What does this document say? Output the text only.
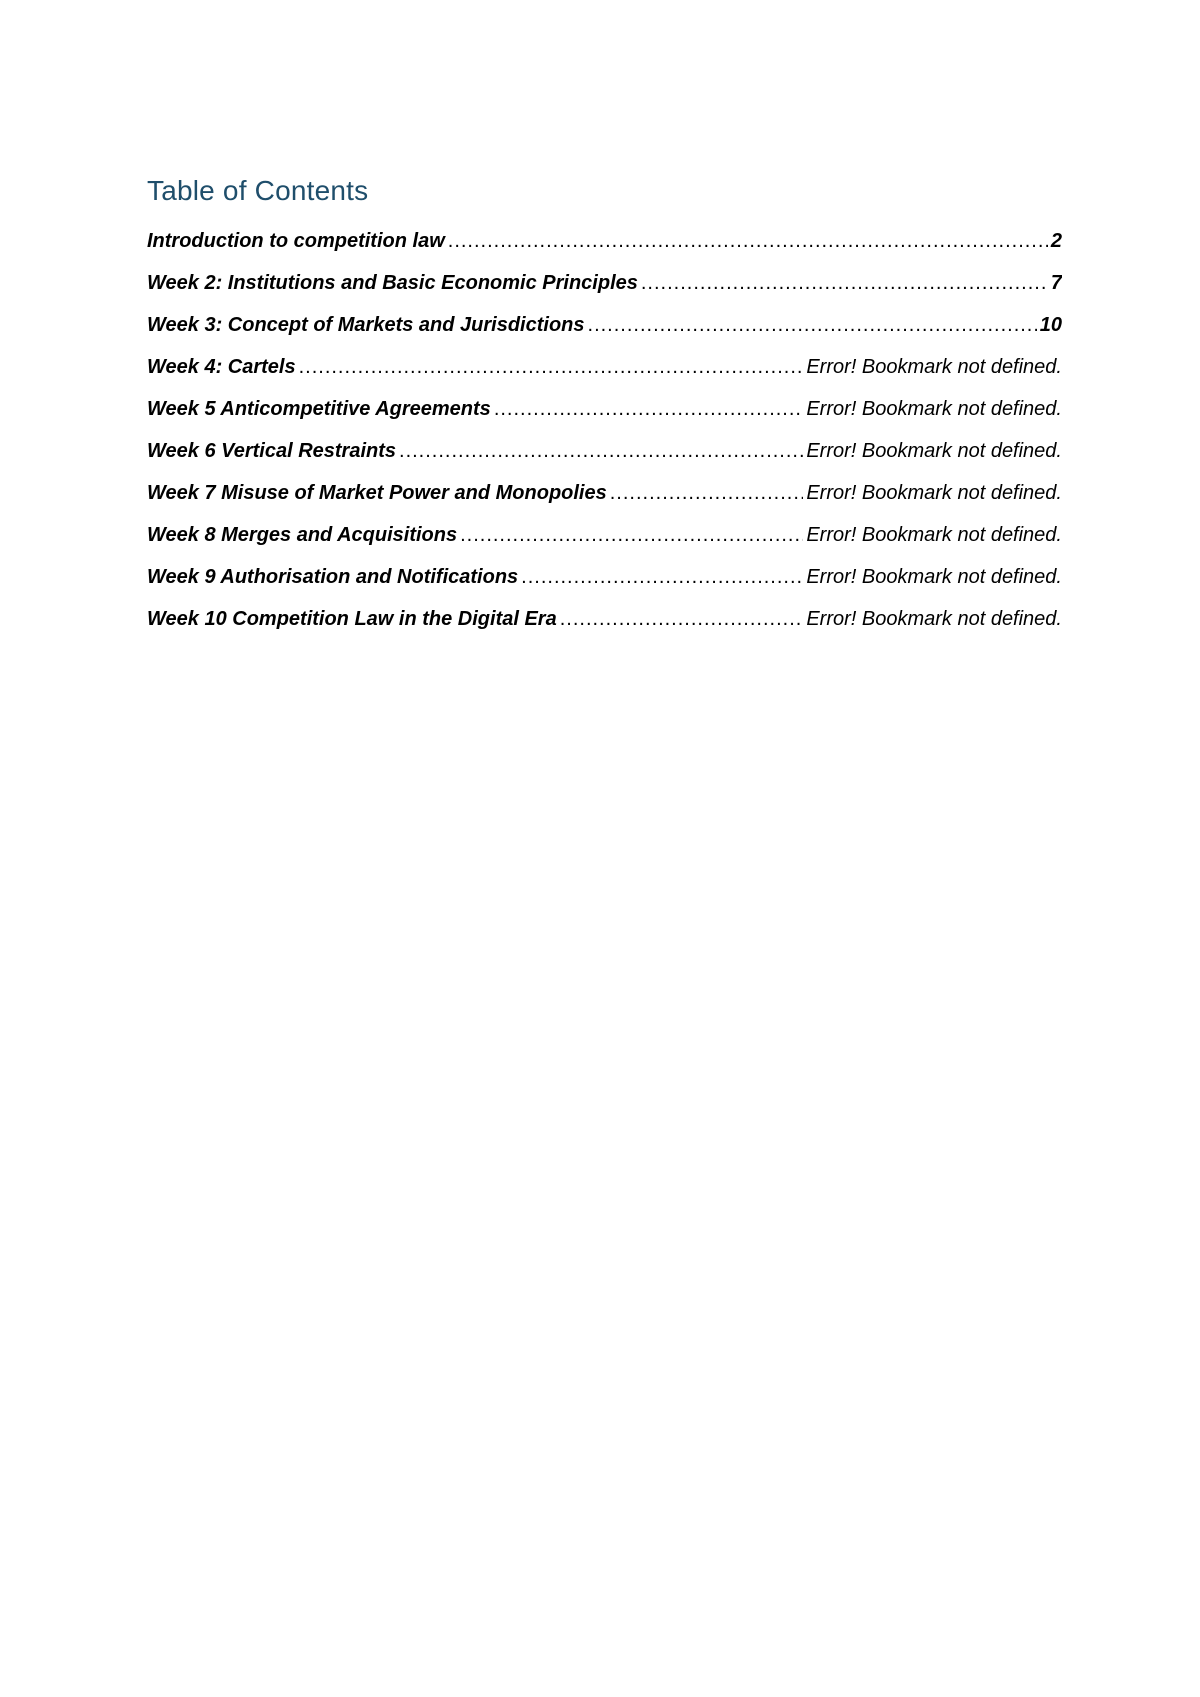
Table of Contents
Introduction to competition law .....	2
Week 2: Institutions and Basic Economic Principles .....	7
Week 3: Concept of Markets and Jurisdictions .....	10
Week 4: Cartels .....	Error! Bookmark not defined.
Week 5 Anticompetitive Agreements .....	Error! Bookmark not defined.
Week 6 Vertical Restraints .....	Error! Bookmark not defined.
Week 7 Misuse of Market Power and Monopolies .....	Error! Bookmark not defined.
Week 8 Merges and Acquisitions .....	Error! Bookmark not defined.
Week 9 Authorisation and Notifications .....	Error! Bookmark not defined.
Week 10 Competition Law in the Digital Era .....	Error! Bookmark not defined.
